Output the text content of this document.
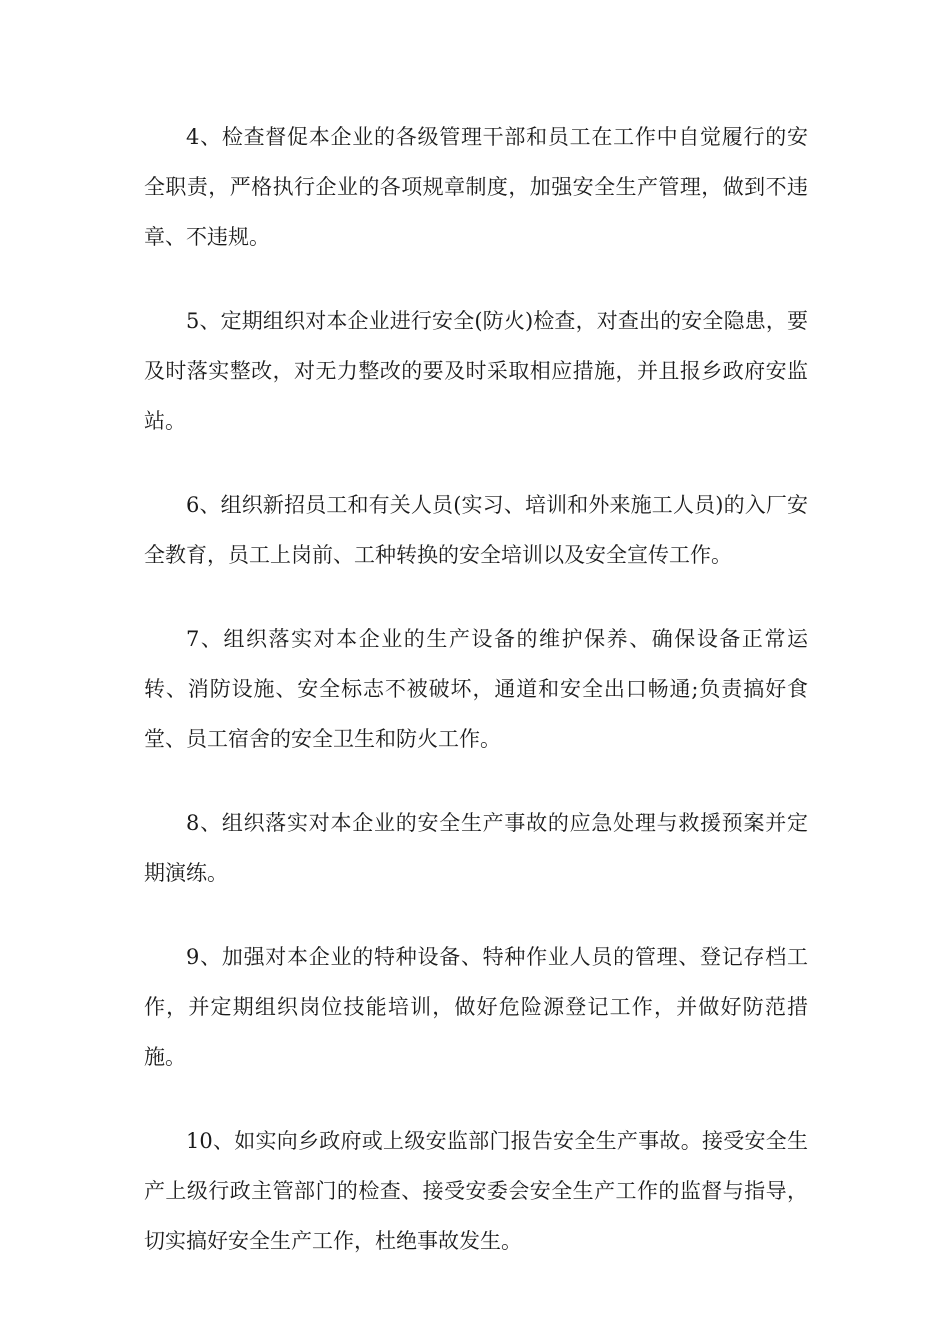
4、检查督促本企业的各级管理干部和员工在工作中自觉履行的安全职责，严格执行企业的各项规章制度，加强安全生产管理，做到不违章、不违规。

5、定期组织对本企业进行安全(防火)检查，对查出的安全隐患，要及时落实整改，对无力整改的要及时采取相应措施，并且报乡政府安监站。

6、组织新招员工和有关人员(实习、培训和外来施工人员)的入厂安全教育，员工上岗前、工种转换的安全培训以及安全宣传工作。

7、组织落实对本企业的生产设备的维护保养、确保设备正常运转、消防设施、安全标志不被破坏，通道和安全出口畅通;负责搞好食堂、员工宿舍的安全卫生和防火工作。

8、组织落实对本企业的安全生产事故的应急处理与救援预案并定期演练。

9、加强对本企业的特种设备、特种作业人员的管理、登记存档工作，并定期组织岗位技能培训，做好危险源登记工作，并做好防范措施。

10、如实向乡政府或上级安监部门报告安全生产事故。接受安全生产上级行政主管部门的检查、接受安委会安全生产工作的监督与指导，切实搞好安全生产工作，杜绝事故发生。
